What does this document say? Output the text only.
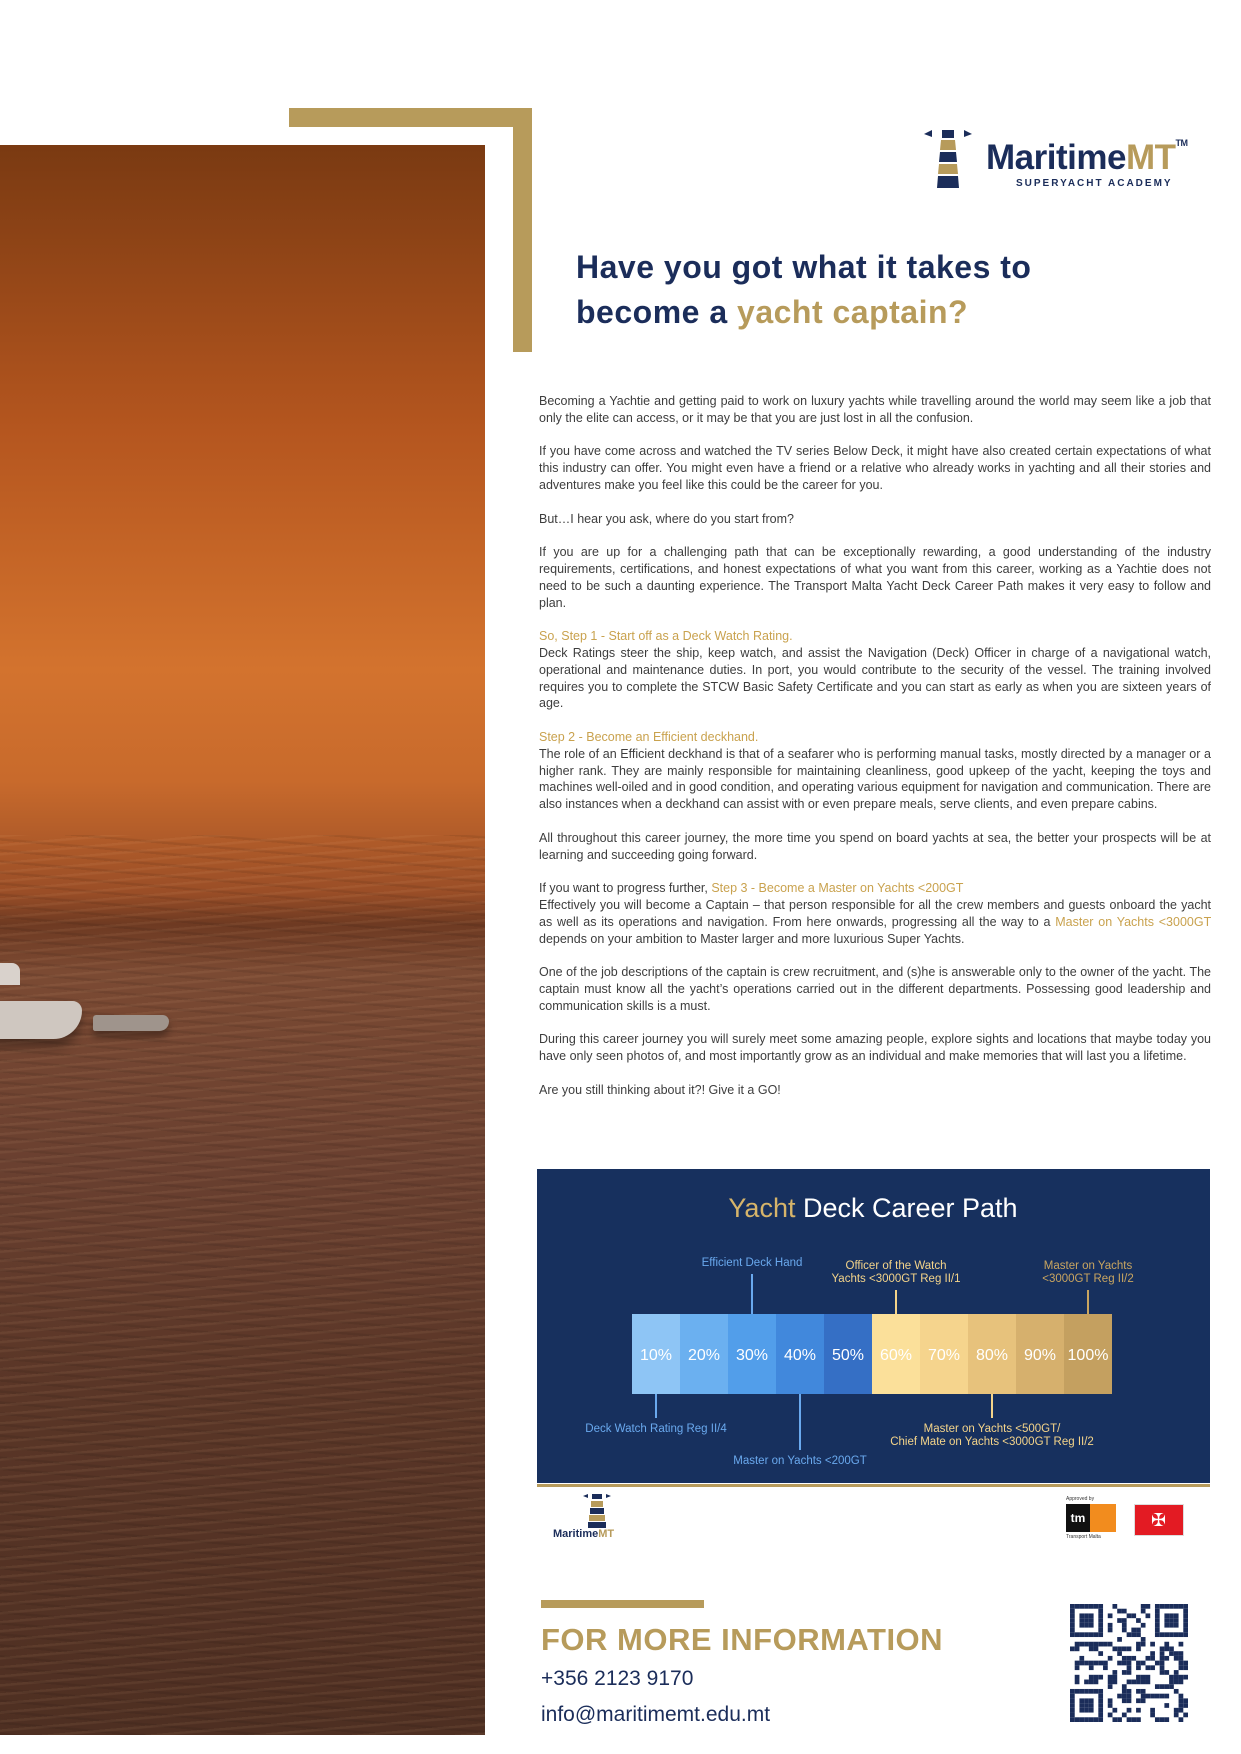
MaritimeMT™
SUPERYACHT ACADEMY
Have you got what it takes to
become a yacht captain?

Becoming a Yachtie and getting paid to work on luxury yachts while travelling around the world may seem like a job that only the elite can access, or it may be that you are just lost in all the confusion.

If you have come across and watched the TV series Below Deck, it might have also created certain expectations of what this industry can offer. You might even have a friend or a relative who already works in yachting and all their stories and adventures make you feel like this could be the career for you.

But…I hear you ask, where do you start from?

If you are up for a challenging path that can be exceptionally rewarding, a good understanding of the industry requirements, certifications, and honest expectations of what you want from this career, working as a Yachtie does not need to be such a daunting experience. The Transport Malta Yacht Deck Career Path makes it very easy to follow and plan.

So, Step 1 - Start off as a Deck Watch Rating.
Deck Ratings steer the ship, keep watch, and assist the Navigation (Deck) Officer in charge of a navigational watch, operational and maintenance duties. In port, you would contribute to the security of the vessel. The training involved requires you to complete the STCW Basic Safety Certificate and you can start as early as when you are sixteen years of age.

Step 2 - Become an Efficient deckhand.
The role of an Efficient deckhand is that of a seafarer who is performing manual tasks, mostly directed by a manager or a higher rank. They are mainly responsible for maintaining cleanliness, good upkeep of the yacht, keeping the toys and machines well-oiled and in good condition, and operating various equipment for navigation and communication. There are also instances when a deckhand can assist with or even prepare meals, serve clients, and even prepare cabins.

All throughout this career journey, the more time you spend on board yachts at sea, the better your prospects will be at learning and succeeding going forward.

If you want to progress further, Step 3 - Become a Master on Yachts <200GT
Effectively you will become a Captain – that person responsible for all the crew members and guests onboard the yacht as well as its operations and navigation. From here onwards, progressing all the way to a Master on Yachts <3000GT depends on your ambition to Master larger and more luxurious Super Yachts.

One of the job descriptions of the captain is crew recruitment, and (s)he is answerable only to the owner of the yacht. The captain must know all the yacht’s operations carried out in the different departments. Possessing good leadership and communication skills is a must.

During this career journey you will surely meet some amazing people, explore sights and locations that maybe today you have only seen photos of, and most importantly grow as an individual and make memories that will last you a lifetime.

Are you still thinking about it?! Give it a GO!

Yacht Deck Career Path
10% 20% 30% 40% 50% 60% 70% 80% 90% 100%
Efficient Deck Hand	Officer of the Watch
Yachts <3000GT Reg II/1
Master on Yachts
<3000GT Reg II/2
Deck Watch Rating Reg II/4
Master on Yachts <200GT
Master on Yachts <500GT/
Chief Mate on Yachts <3000GT Reg II/2
MaritimeMT
Approved by
tm
Transport Malta
✠
FOR MORE INFORMATION
+356 2123 9170
info@maritimemt.edu.mt
